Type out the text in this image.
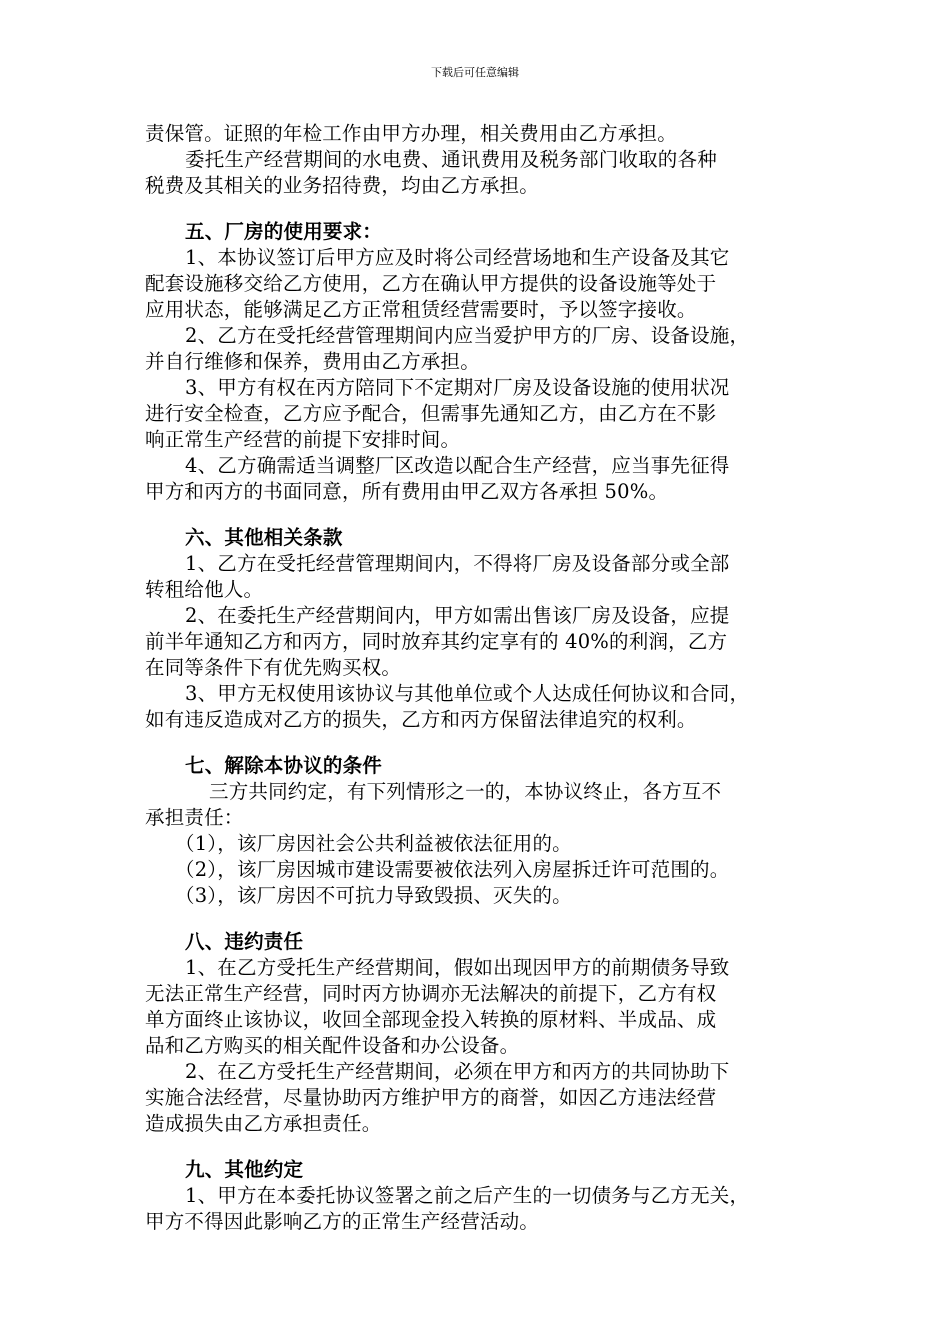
下载后可任意编辑
责保管。证照的年检工作由甲方办理，相关费用由乙方承担。
委托生产经营期间的水电费、通讯费用及税务部门收取的各种
税费及其相关的业务招待费，均由乙方承担。
五、厂房的使用要求：
1、本协议签订后甲方应及时将公司经营场地和生产设备及其它
配套设施移交给乙方使用，乙方在确认甲方提供的设备设施等处于
应用状态，能够满足乙方正常租赁经营需要时，予以签字接收。
2、乙方在受托经营管理期间内应当爱护甲方的厂房、设备设施，
并自行维修和保养，费用由乙方承担。
3、甲方有权在丙方陪同下不定期对厂房及设备设施的使用状况
进行安全检查，乙方应予配合，但需事先通知乙方，由乙方在不影
响正常生产经营的前提下安排时间。
4、乙方确需适当调整厂区改造以配合生产经营，应当事先征得
甲方和丙方的书面同意，所有费用由甲乙双方各承担 50%。
六、其他相关条款
1、乙方在受托经营管理期间内，不得将厂房及设备部分或全部
转租给他人。
2、在委托生产经营期间内，甲方如需出售该厂房及设备，应提
前半年通知乙方和丙方，同时放弃其约定享有的 40%的利润，乙方
在同等条件下有优先购买权。
3、甲方无权使用该协议与其他单位或个人达成任何协议和合同，
如有违反造成对乙方的损失，乙方和丙方保留法律追究的权利。
七、解除本协议的条件
三方共同约定，有下列情形之一的，本协议终止，各方互不
承担责任：
（1），该厂房因社会公共利益被依法征用的。
（2），该厂房因城市建设需要被依法列入房屋拆迁许可范围的。
（3），该厂房因不可抗力导致毁损、灭失的。
八、违约责任
1、在乙方受托生产经营期间，假如出现因甲方的前期债务导致
无法正常生产经营，同时丙方协调亦无法解决的前提下，乙方有权
单方面终止该协议，收回全部现金投入转换的原材料、半成品、成
品和乙方购买的相关配件设备和办公设备。
2、在乙方受托生产经营期间，必须在甲方和丙方的共同协助下
实施合法经营，尽量协助丙方维护甲方的商誉，如因乙方违法经营
造成损失由乙方承担责任。
九、其他约定
1、甲方在本委托协议签署之前之后产生的一切债务与乙方无关，
甲方不得因此影响乙方的正常生产经营活动。
